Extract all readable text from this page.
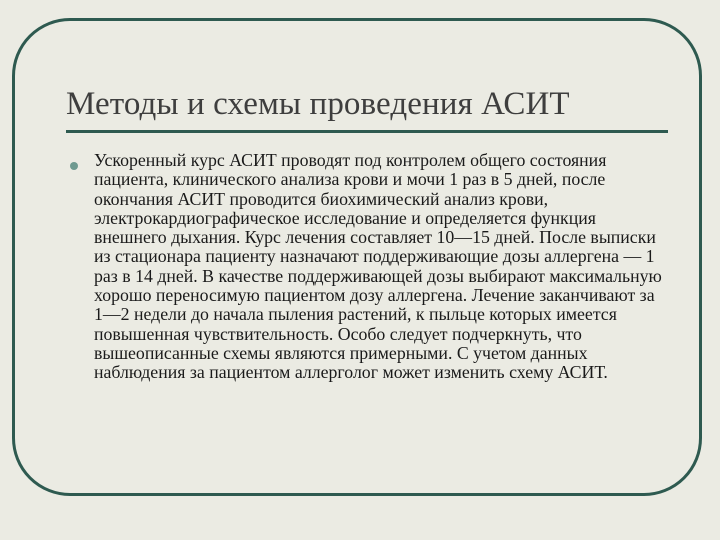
Методы и схемы проведения АСИТ

Ускоренный курс АСИТ проводят под контролем общего состояния пациента, клинического анализа крови и мочи 1 раз в 5 дней, после окончания АСИТ проводится биохимический анализ крови, электрокардиографическое исследование и определяется функция внешнего дыхания. Курс лечения составляет 10—15 дней. После выписки из стационара пациенту назначают поддерживающие дозы аллергена — 1 раз в 14 дней. В качестве поддерживающей дозы выбирают максимальную хорошо переносимую пациентом дозу аллергена. Лечение заканчивают за 1—2 недели до начала пыления растений, к пыльце которых имеется повышенная чувствительность. Особо следует подчеркнуть, что вышеописанные схемы являются примерными. С учетом данных наблюдения за пациентом аллерголог может изменить схему АСИТ.
